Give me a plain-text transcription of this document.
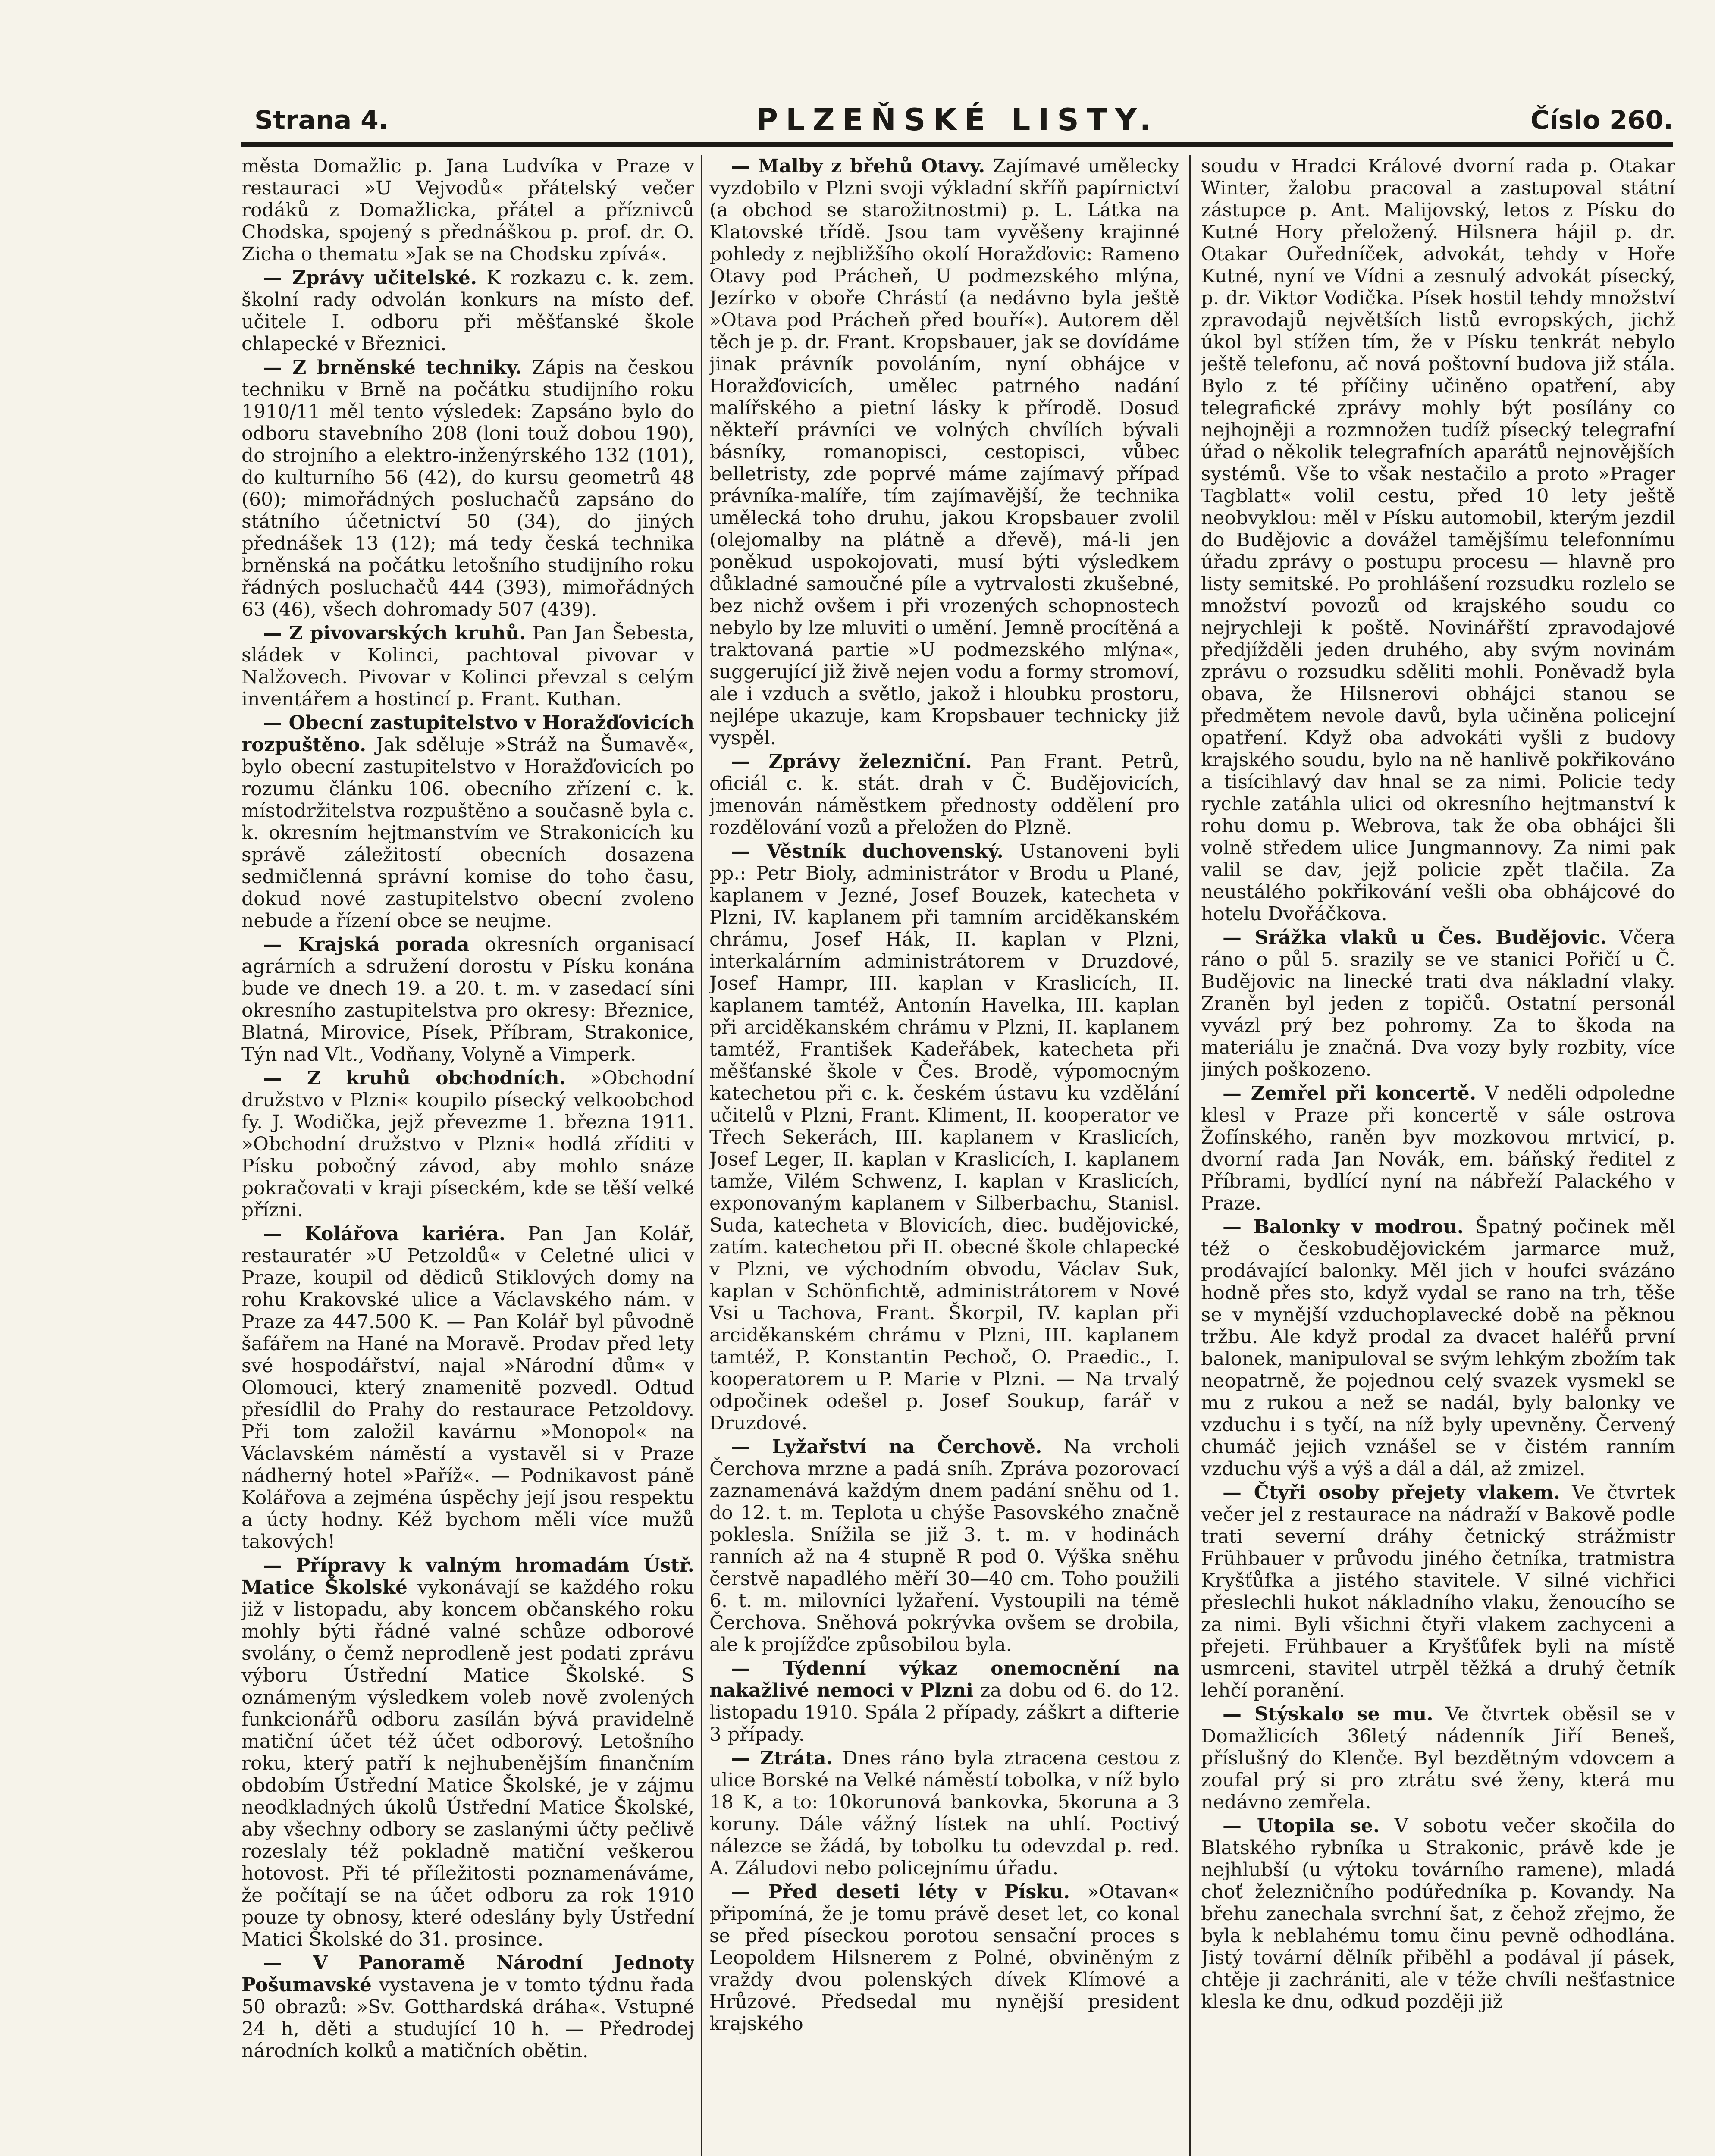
Strana 4.	PLZEŇSKÉ LISTY.	Číslo 260.

města Domažlic p. Jana Ludvíka v Praze v restauraci »U Vejvodů« přátelský večer rodáků z Domažlicka, přátel a příznivců Chodska, spojený s přednáškou p. prof. dr. O. Zicha o thematu »Jak se na Chodsku zpívá«.

— Zprávy učitelské. K rozkazu c. k. zem. školní rady odvolán konkurs na místo def. učitele I. odboru při měšťanské škole chlapecké v Březnici.

— Z brněnské techniky. Zápis na českou techniku v Brně na počátku studijního roku 1910/11 měl tento výsledek: Zapsáno bylo do odboru stavebního 208 (loni touž dobou 190), do strojního a elektro-inženýrského 132 (101), do kulturního 56 (42), do kursu geometrů 48 (60); mimořádných posluchačů zapsáno do státního účetnictví 50 (34), do jiných přednášek 13 (12); má tedy česká technika brněnská na počátku letošního studijního roku řádných posluchačů 444 (393), mimořádných 63 (46), všech dohromady 507 (439).

— Z pivovarských kruhů. Pan Jan Šebesta, sládek v Kolinci, pachtoval pivovar v Nalžovech. Pivovar v Kolinci převzal s celým inventářem a hostincí p. Frant. Kuthan.

— Obecní zastupitelstvo v Horažďovicích rozpuštěno. Jak sděluje »Stráž na Šumavě«, bylo obecní zastupitelstvo v Horažďovicích po rozumu článku 106. obecního zřízení c. k. místodržitelstva rozpuštěno a současně byla c. k. okresním hejtmanstvím ve Strakonicích ku správě záležitostí obecních dosazena sedmičlenná správní komise do toho času, dokud nové zastupitelstvo obecní zvoleno nebude a řízení obce se neujme.

— Krajská porada okresních organisací agrárních a sdružení dorostu v Písku konána bude ve dnech 19. a 20. t. m. v zasedací síni okresního zastupitelstva pro okresy: Březnice, Blatná, Mirovice, Písek, Příbram, Strakonice, Týn nad Vlt., Vodňany, Volyně a Vimperk.

— Z kruhů obchodních. »Obchodní družstvo v Plzni« koupilo písecký velkoobchod fy. J. Wodička, jejž převezme 1. března 1911. »Obchodní družstvo v Plzni« hodlá zříditi v Písku pobočný závod, aby mohlo snáze pokračovati v kraji píseckém, kde se těší velké přízni.

— Kolářova kariéra. Pan Jan Kolář, restauratér »U Petzoldů« v Celetné ulici v Praze, koupil od dědiců Stiklových domy na rohu Krakovské ulice a Václavského nám. v Praze za 447.500 K. — Pan Kolář byl původně šafářem na Hané na Moravě. Prodav před lety své hospodářství, najal »Národní dům« v Olomouci, který znamenitě pozvedl. Odtud přesídlil do Prahy do restaurace Petzoldovy. Při tom založil kavárnu »Monopol« na Václavském náměstí a vystavěl si v Praze nádherný hotel »Paříž«. — Podnikavost páně Kolářova a zejména úspěchy její jsou respektu a úcty hodny. Kéž bychom měli více mužů takových!

— Přípravy k valným hromadám Ústř. Matice Školské vykonávají se každého roku již v listopadu, aby koncem občanského roku mohly býti řádné valné schůze odborové svolány, o čemž neprodleně jest podati zprávu výboru Ústřední Matice Školské. S oznámeným výsledkem voleb nově zvolených funkcionářů odboru zasílán bývá pravidelně matiční účet též účet odborový. Letošního roku, který patří k nejhubenějším finančním obdobím Ústřední Matice Školské, je v zájmu neodkladných úkolů Ústřední Matice Školské, aby všechny odbory se zaslanými účty pečlivě rozeslaly též pokladně matiční veškerou hotovost. Při té příležitosti poznamenáváme, že počítají se na účet odboru za rok 1910 pouze ty obnosy, které odeslány byly Ústřední Matici Školské do 31. prosince.

— V Panoramě Národní Jednoty Pošumavské vystavena je v tomto týdnu řada 50 obrazů: »Sv. Gotthardská dráha«. Vstupné 24 h, děti a studující 10 h. — Předrodej národních kolků a matičních obětin.

— Malby z břehů Otavy. Zajímavé umělecky vyzdobilo v Plzni svoji výkladní skříň papírnictví (a obchod se starožitnostmi) p. L. Látka na Klatovské třídě. Jsou tam vyvěšeny krajinné pohledy z nejbližšího okolí Horažďovic: Rameno Otavy pod Prácheň, U podmezského mlýna, Jezírko v oboře Chrástí (a nedávno byla ještě »Otava pod Prácheň před bouří«). Autorem děl těch je p. dr. Frant. Kropsbauer, jak se dovídáme jinak právník povoláním, nyní obhájce v Horažďovicích, umělec patrného nadání malířského a pietní lásky k přírodě. Dosud někteří právníci ve volných chvílích bývali básníky, romanopisci, cestopisci, vůbec belletristy, zde poprvé máme zajímavý případ právníka-malíře, tím zajímavější, že technika umělecká toho druhu, jakou Kropsbauer zvolil (olejomalby na plátně a dřevě), má-li jen poněkud uspokojovati, musí býti výsledkem důkladné samoučné píle a vytrvalosti zkušebné, bez nichž ovšem i při vrozených schopnostech nebylo by lze mluviti o umění. Jemně procítěná a traktovaná partie »U podmezského mlýna«, suggerující již živě nejen vodu a formy stromoví, ale i vzduch a světlo, jakož i hloubku prostoru, nejlépe ukazuje, kam Kropsbauer technicky již vyspěl.

— Zprávy železniční. Pan Frant. Petrů, oficiál c. k. stát. drah v Č. Budějovicích, jmenován náměstkem přednosty oddělení pro rozdělování vozů a přeložen do Plzně.

— Věstník duchovenský. Ustanoveni byli pp.: Petr Bioly, administrátor v Brodu u Plané, kaplanem v Jezné, Josef Bouzek, katecheta v Plzni, IV. kaplanem při tamním arciděkanském chrámu, Josef Hák, II. kaplan v Plzni, interkalárním administrátorem v Druzdové, Josef Hampr, III. kaplan v Kraslicích, II. kaplanem tamtéž, Antonín Havelka, III. kaplan při arciděkanském chrámu v Plzni, II. kaplanem tamtéž, František Kadeřábek, katecheta při měšťanské škole v Čes. Brodě, výpomocným katechetou při c. k. českém ústavu ku vzdělání učitelů v Plzni, Frant. Kliment, II. kooperator ve Třech Sekerách, III. kaplanem v Kraslicích, Josef Leger, II. kaplan v Kraslicích, I. kaplanem tamže, Vilém Schwenz, I. kaplan v Kraslicích, exponovaným kaplanem v Silberbachu, Stanisl. Suda, katecheta v Blovicích, diec. budějovické, zatím. katechetou při II. obecné škole chlapecké v Plzni, ve východním obvodu, Václav Suk, kaplan v Schönfichtě, administrátorem v Nové Vsi u Tachova, Frant. Škorpil, IV. kaplan při arciděkanském chrámu v Plzni, III. kaplanem tamtéž, P. Konstantin Pechoč, O. Praedic., I. kooperatorem u P. Marie v Plzni. — Na trvalý odpočinek odešel p. Josef Soukup, farář v Druzdové.

— Lyžařství na Čerchově. Na vrcholi Čerchova mrzne a padá sníh. Zpráva pozorovací zaznamenává každým dnem padání sněhu od 1. do 12. t. m. Teplota u chýše Pasovského značně poklesla. Snížila se již 3. t. m. v hodinách ranních až na 4 stupně R pod 0. Výška sněhu čerstvě napadlého měří 30—40 cm. Toho použili 6. t. m. milovníci lyžaření. Vystoupili na témě Čerchova. Sněhová pokrývka ovšem se drobila, ale k projížďce způsobilou byla.

— Týdenní výkaz onemocnění na nakažlivé nemoci v Plzni za dobu od 6. do 12. listopadu 1910. Spála 2 případy, záškrt a difterie 3 případy.

— Ztráta. Dnes ráno byla ztracena cestou z ulice Borské na Velké náměstí tobolka, v níž bylo 18 K, a to: 10korunová bankovka, 5koruna a 3 koruny. Dále vážný lístek na uhlí. Poctivý nálezce se žádá, by tobolku tu odevzdal p. red. A. Záludovi nebo policejnímu úřadu.

— Před deseti léty v Písku. »Otavan« připomíná, že je tomu právě deset let, co konal se před píseckou porotou sensační proces s Leopoldem Hilsnerem z Polné, obviněným z vraždy dvou polenských dívek Klímové a Hrůzové. Předsedal mu nynější president krajského

soudu v Hradci Králové dvorní rada p. Otakar Winter, žalobu pracoval a zastupoval státní zástupce p. Ant. Malijovský, letos z Písku do Kutné Hory přeložený. Hilsnera hájil p. dr. Otakar Ouředníček, advokát, tehdy v Hoře Kutné, nyní ve Vídni a zesnulý advokát písecký, p. dr. Viktor Vodička. Písek hostil tehdy množství zpravodajů největších listů evropských, jichž úkol byl stížen tím, že v Písku tenkrát nebylo ještě telefonu, ač nová poštovní budova již stála. Bylo z té příčiny učiněno opatření, aby telegrafické zprávy mohly být posílány co nejhojněji a rozmnožen tudíž písecký telegrafní úřad o několik telegrafních aparátů nejnovějších systémů. Vše to však nestačilo a proto »Prager Tagblatt« volil cestu, před 10 lety ještě neobvyklou: měl v Písku automobil, kterým jezdil do Budějovic a dovážel tamějšímu telefonnímu úřadu zprávy o postupu procesu — hlavně pro listy semitské. Po prohlášení rozsudku rozlelo se množství povozů od krajského soudu co nejrychleji k poště. Novinářští zpravodajové předjížděli jeden druhého, aby svým novinám zprávu o rozsudku sděliti mohli. Poněvadž byla obava, že Hilsnerovi obhájci stanou se předmětem nevole davů, byla učiněna policejní opatření. Když oba advokáti vyšli z budovy krajského soudu, bylo na ně hanlivě pokřikováno a tisícihlavý dav hnal se za nimi. Policie tedy rychle zatáhla ulici od okresního hejtmanství k rohu domu p. Webrova, tak že oba obhájci šli volně středem ulice Jungmannovy. Za nimi pak valil se dav, jejž policie zpět tlačila. Za neustálého pokřikování vešli oba obhájcové do hotelu Dvořáčkova.

— Srážka vlaků u Čes. Budějovic. Včera ráno o půl 5. srazily se ve stanici Pořičí u Č. Budějovic na linecké trati dva nákladní vlaky. Zraněn byl jeden z topičů. Ostatní personál vyvázl prý bez pohromy. Za to škoda na materiálu je značná. Dva vozy byly rozbity, více jiných poškozeno.

— Zemřel při koncertě. V neděli odpoledne klesl v Praze při koncertě v sále ostrova Žofínského, raněn byv mozkovou mrtvicí, p. dvorní rada Jan Novák, em. báňský ředitel z Příbrami, bydlící nyní na nábřeží Palackého v Praze.

— Balonky v modrou. Špatný počinek měl též o českobudějovickém jarmarce muž, prodávající balonky. Měl jich v houfci svázáno hodně přes sto, když vydal se rano na trh, těše se v mynější vzduchoplavecké době na pěknou tržbu. Ale když prodal za dvacet haléřů první balonek, manipuloval se svým lehkým zbožím tak neopatrně, že pojednou celý svazek vysmekl se mu z rukou a než se nadál, byly balonky ve vzduchu i s tyčí, na níž byly upevněny. Červený chumáč jejich vznášel se v čistém ranním vzduchu výš a výš a dál a dál, až zmizel.

— Čtyři osoby přejety vlakem. Ve čtvrtek večer jel z restaurace na nádraží v Bakově podle trati severní dráhy četnický strážmistr Frühbauer v průvodu jiného četníka, tratmistra Kryšťůfka a jistého stavitele. V silné vichřici přeslechli hukot nákladního vlaku, ženoucího se za nimi. Byli všichni čtyři vlakem zachyceni a přejeti. Frühbauer a Kryšťůfek byli na místě usmrceni, stavitel utrpěl těžká a druhý četník lehčí poranění.

— Stýskalo se mu. Ve čtvrtek oběsil se v Domažlicích 36letý nádenník Jiří Beneš, příslušný do Klenče. Byl bezdětným vdovcem a zoufal prý si pro ztrátu své ženy, která mu nedávno zemřela.

— Utopila se. V sobotu večer skočila do Blatského rybníka u Strakonic, právě kde je nejhlubší (u výtoku továrního ramene), mladá choť železničního podúředníka p. Kovandy. Na břehu zanechala svrchní šat, z čehož zřejmo, že byla k neblahému tomu činu pevně odhodlána. Jistý tovární dělník přiběhl a podával jí pásek, chtěje ji zachrániti, ale v téže chvíli nešťastnice klesla ke dnu, odkud později již
